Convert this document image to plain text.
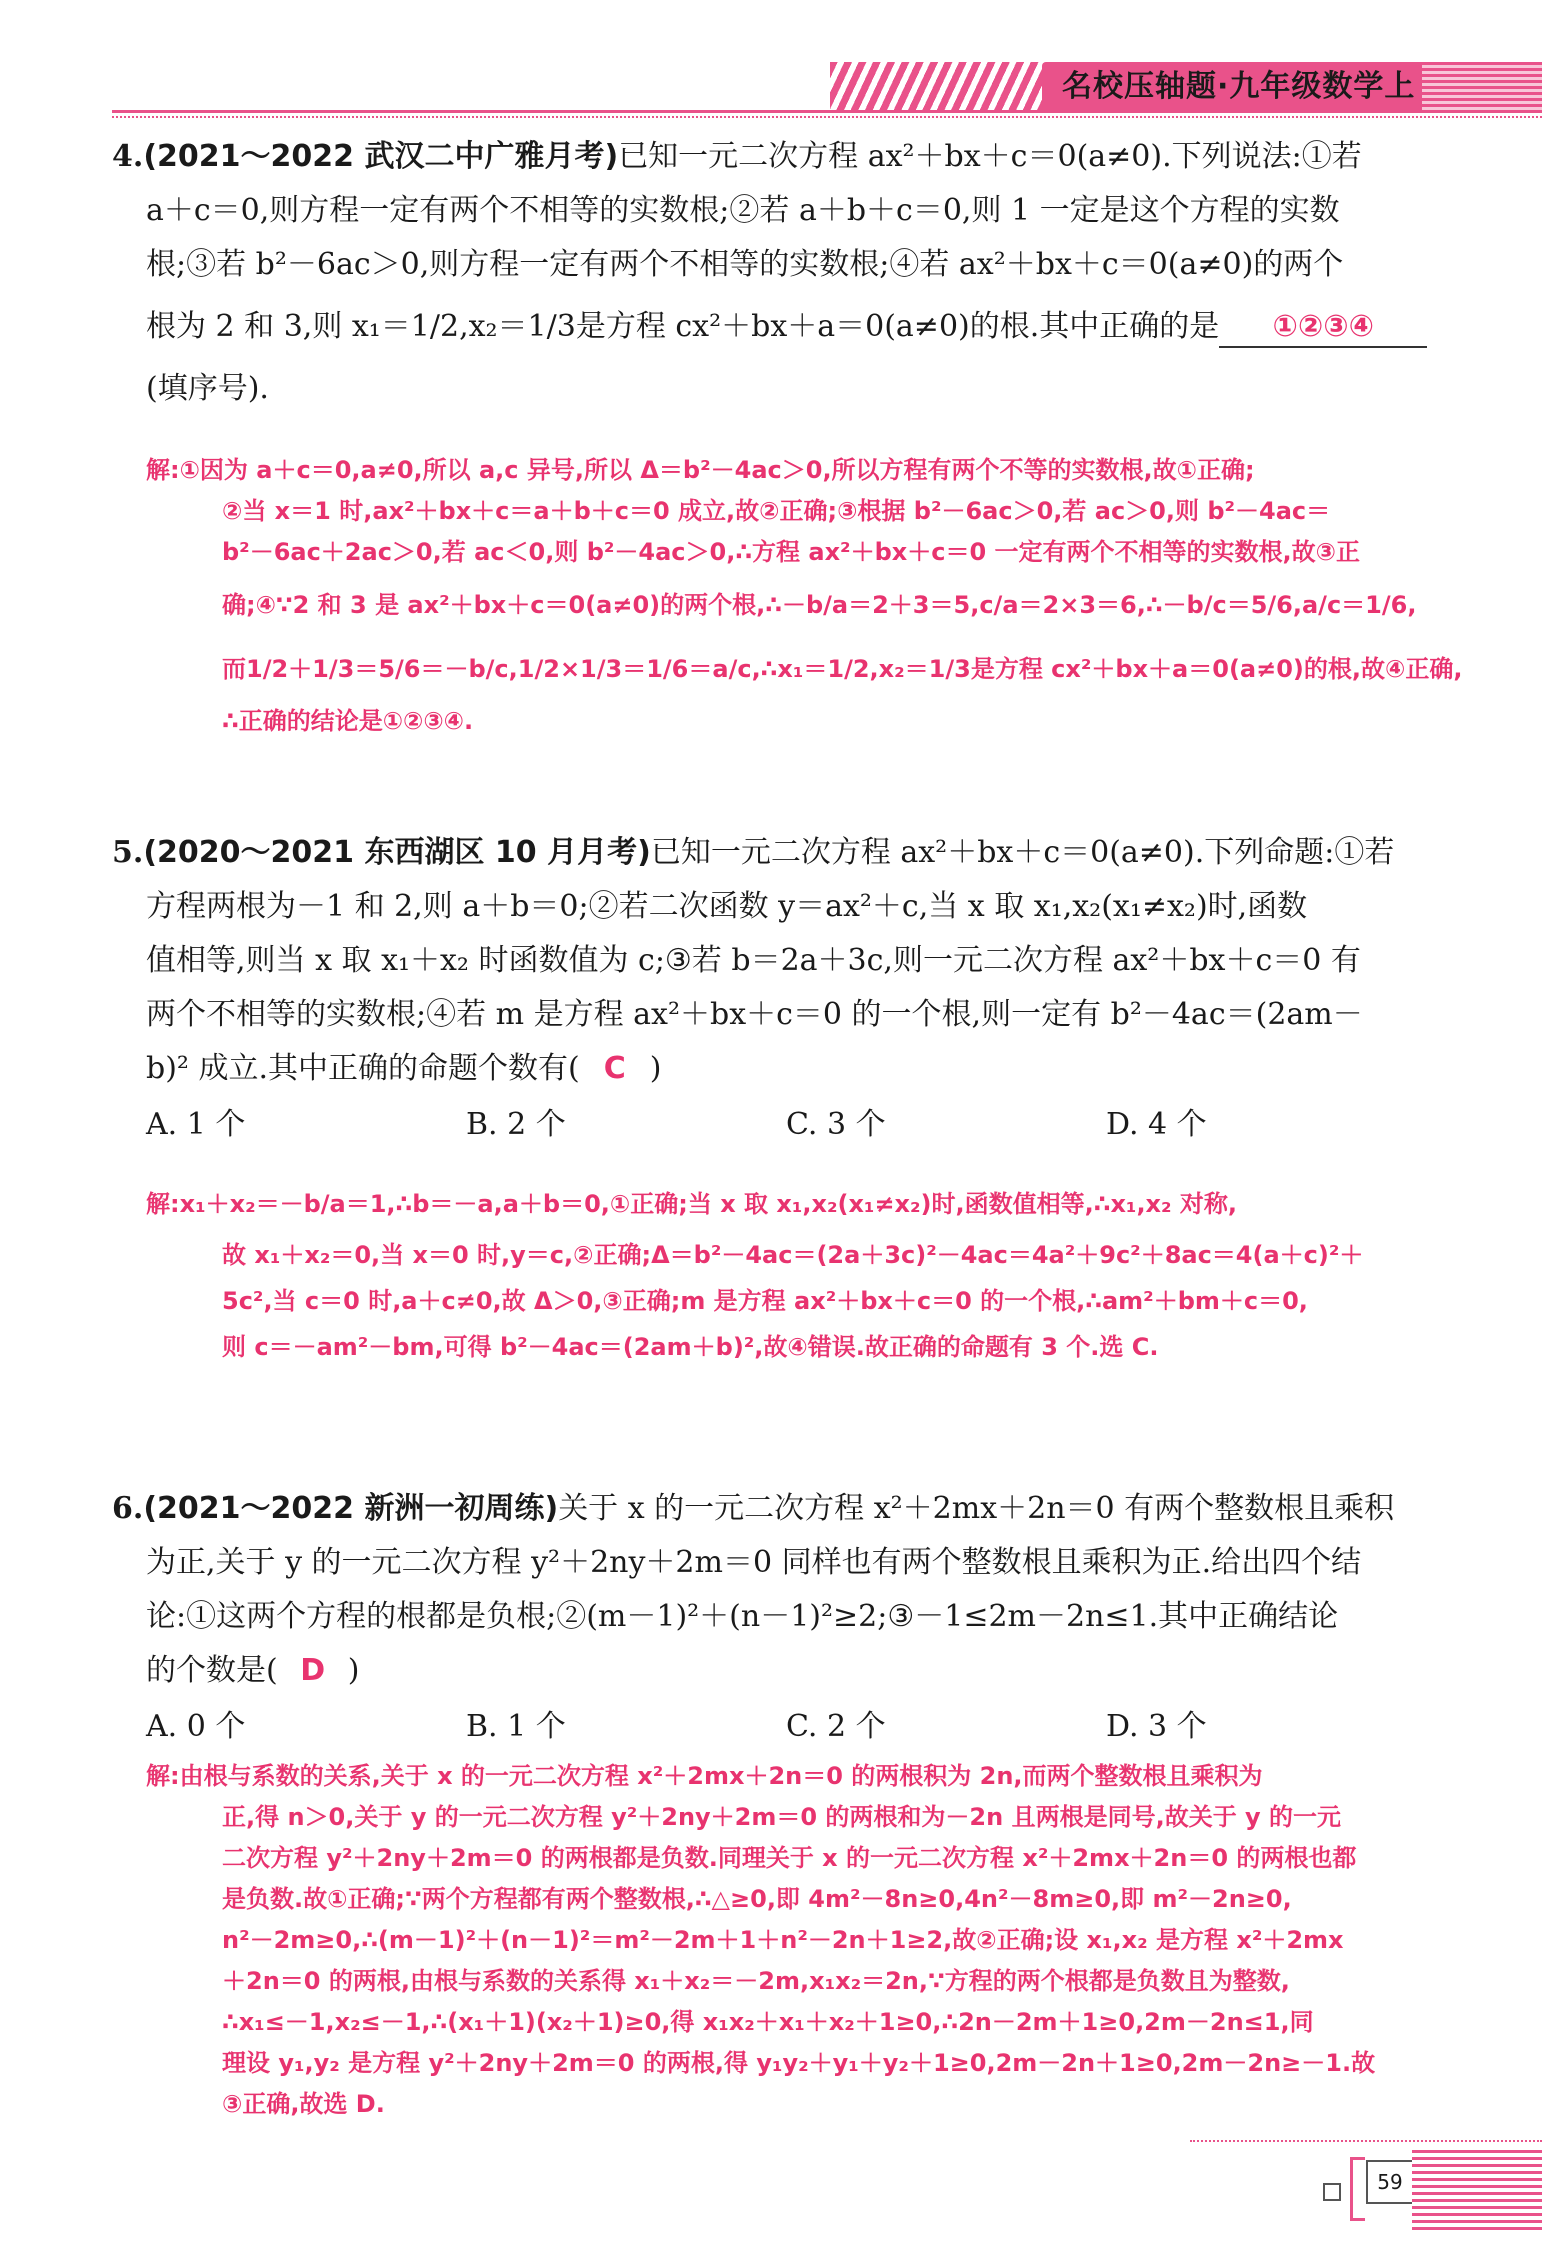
名校压轴题·九年级数学上
4.(2021～2022 武汉二中广雅月考)已知一元二次方程 ax²＋bx＋c＝0(a≠0).下列说法:①若
a＋c＝0,则方程一定有两个不相等的实数根;②若 a＋b＋c＝0,则 1 一定是这个方程的实数
根;③若 b²－6ac＞0,则方程一定有两个不相等的实数根;④若 ax²＋bx＋c＝0(a≠0)的两个
根为 2 和 3,则 x₁＝1/2,x₂＝1/3是方程 cx²＋bx＋a＝0(a≠0)的根.其中正确的是 ①②③④
(填序号).
解:①因为 a＋c＝0,a≠0,所以 a,c 异号,所以 Δ＝b²－4ac＞0,所以方程有两个不等的实数根,故①正确;
②当 x＝1 时,ax²＋bx＋c＝a＋b＋c＝0 成立,故②正确;③根据 b²－6ac＞0,若 ac＞0,则 b²－4ac＝
b²－6ac＋2ac＞0,若 ac＜0,则 b²－4ac＞0,∴方程 ax²＋bx＋c＝0 一定有两个不相等的实数根,故③正
确;④∵2 和 3 是 ax²＋bx＋c＝0(a≠0)的两个根,∴－b/a＝2＋3＝5,c/a＝2×3＝6,∴－b/c＝5/6,a/c＝1/6,
而1/2＋1/3＝5/6＝－b/c,1/2×1/3＝1/6＝a/c,∴x₁＝1/2,x₂＝1/3是方程 cx²＋bx＋a＝0(a≠0)的根,故④正确,
∴正确的结论是①②③④.
5.(2020～2021 东西湖区 10 月月考)已知一元二次方程 ax²＋bx＋c＝0(a≠0).下列命题:①若
方程两根为－1 和 2,则 a＋b＝0;②若二次函数 y＝ax²＋c,当 x 取 x₁,x₂(x₁≠x₂)时,函数
值相等,则当 x 取 x₁＋x₂ 时函数值为 c;③若 b＝2a＋3c,则一元二次方程 ax²＋bx＋c＝0 有
两个不相等的实数根;④若 m 是方程 ax²＋bx＋c＝0 的一个根,则一定有 b²－4ac＝(2am－
b)² 成立.其中正确的命题个数有( C )
A. 1 个	B. 2 个	C. 3 个	D. 4 个
解:x₁＋x₂＝－b/a＝1,∴b＝－a,a＋b＝0,①正确;当 x 取 x₁,x₂(x₁≠x₂)时,函数值相等,∴x₁,x₂ 对称,
故 x₁＋x₂＝0,当 x＝0 时,y＝c,②正确;Δ＝b²－4ac＝(2a＋3c)²－4ac＝4a²＋9c²＋8ac＝4(a＋c)²＋
5c²,当 c＝0 时,a＋c≠0,故 Δ＞0,③正确;m 是方程 ax²＋bx＋c＝0 的一个根,∴am²＋bm＋c＝0,
则 c＝－am²－bm,可得 b²－4ac＝(2am＋b)²,故④错误.故正确的命题有 3 个.选 C.
6.(2021～2022 新洲一初周练)关于 x 的一元二次方程 x²＋2mx＋2n＝0 有两个整数根且乘积
为正,关于 y 的一元二次方程 y²＋2ny＋2m＝0 同样也有两个整数根且乘积为正.给出四个结
论:①这两个方程的根都是负根;②(m－1)²＋(n－1)²≥2;③－1≤2m－2n≤1.其中正确结论
的个数是( D )
A. 0 个	B. 1 个	C. 2 个	D. 3 个
解:由根与系数的关系,关于 x 的一元二次方程 x²＋2mx＋2n＝0 的两根积为 2n,而两个整数根且乘积为
正,得 n＞0,关于 y 的一元二次方程 y²＋2ny＋2m＝0 的两根和为－2n 且两根是同号,故关于 y 的一元
二次方程 y²＋2ny＋2m＝0 的两根都是负数.同理关于 x 的一元二次方程 x²＋2mx＋2n＝0 的两根也都
是负数.故①正确;∵两个方程都有两个整数根,∴△≥0,即 4m²－8n≥0,4n²－8m≥0,即 m²－2n≥0,
n²－2m≥0,∴(m－1)²＋(n－1)²＝m²－2m＋1＋n²－2n＋1≥2,故②正确;设 x₁,x₂ 是方程 x²＋2mx
＋2n＝0 的两根,由根与系数的关系得 x₁＋x₂＝－2m,x₁x₂＝2n,∵方程的两个根都是负数且为整数,
∴x₁≤－1,x₂≤－1,∴(x₁＋1)(x₂＋1)≥0,得 x₁x₂＋x₁＋x₂＋1≥0,∴2n－2m＋1≥0,2m－2n≤1,同
理设 y₁,y₂ 是方程 y²＋2ny＋2m＝0 的两根,得 y₁y₂＋y₁＋y₂＋1≥0,2m－2n＋1≥0,2m－2n≥－1.故
③正确,故选 D.
59
